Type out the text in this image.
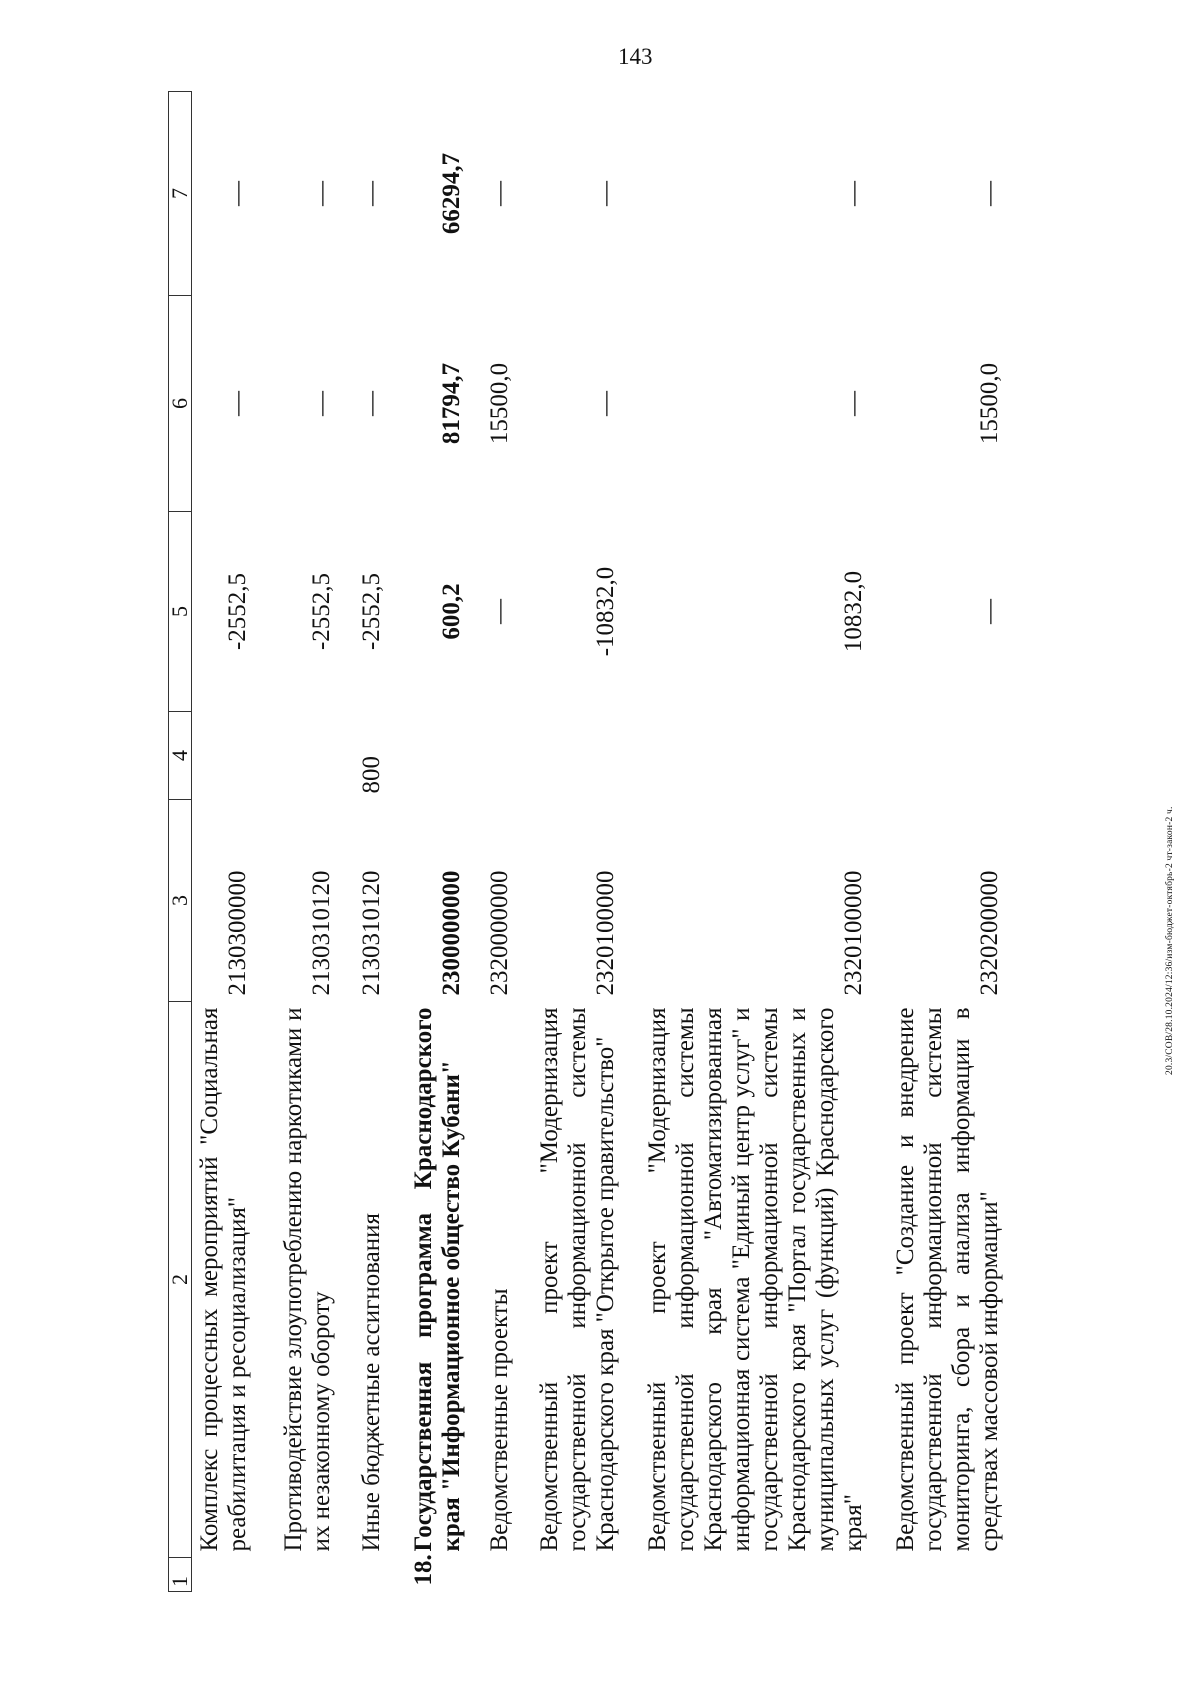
143
1	2	3	4	5	6	7
	Комплекс процессных мероприятий "Социальная реабилитация и ресоциализация"	2130300000		-2552,5	—	—
	Противодействие злоупотреблению наркотиками и их незаконному обороту	2130310120		-2552,5	—	—
	Иные бюджетные ассигнования	2130310120	800	-2552,5	—	—
18.	Государственная программа Краснодарского края "Информационное общество Кубани"	2300000000		600,2	81794,7	66294,7
	Ведомственные проекты	2320000000		—	15500,0	—
	Ведомственный проект "Модернизация государственной информационной системы Краснодарского края "Открытое правительство"	2320100000		-10832,0	—	—
	Ведомственный проект "Модернизация государственной информационной системы Краснодарского края "Автоматизированная информационная система "Единый центр услуг" и государственной информационной системы Краснодарского края "Портал государственных и муниципальных услуг (функций) Краснодарского края"	2320100000		10832,0	—	—
	Ведомственный проект "Создание и внедрение государственной информационной системы мониторинга, сбора и анализа информации в средствах массовой информации"	2320200000		—	15500,0	—
20.3/СОВ/28.10.2024/12:36/изм-бюджет-октябрь-2 чт-закон-2 ч.
